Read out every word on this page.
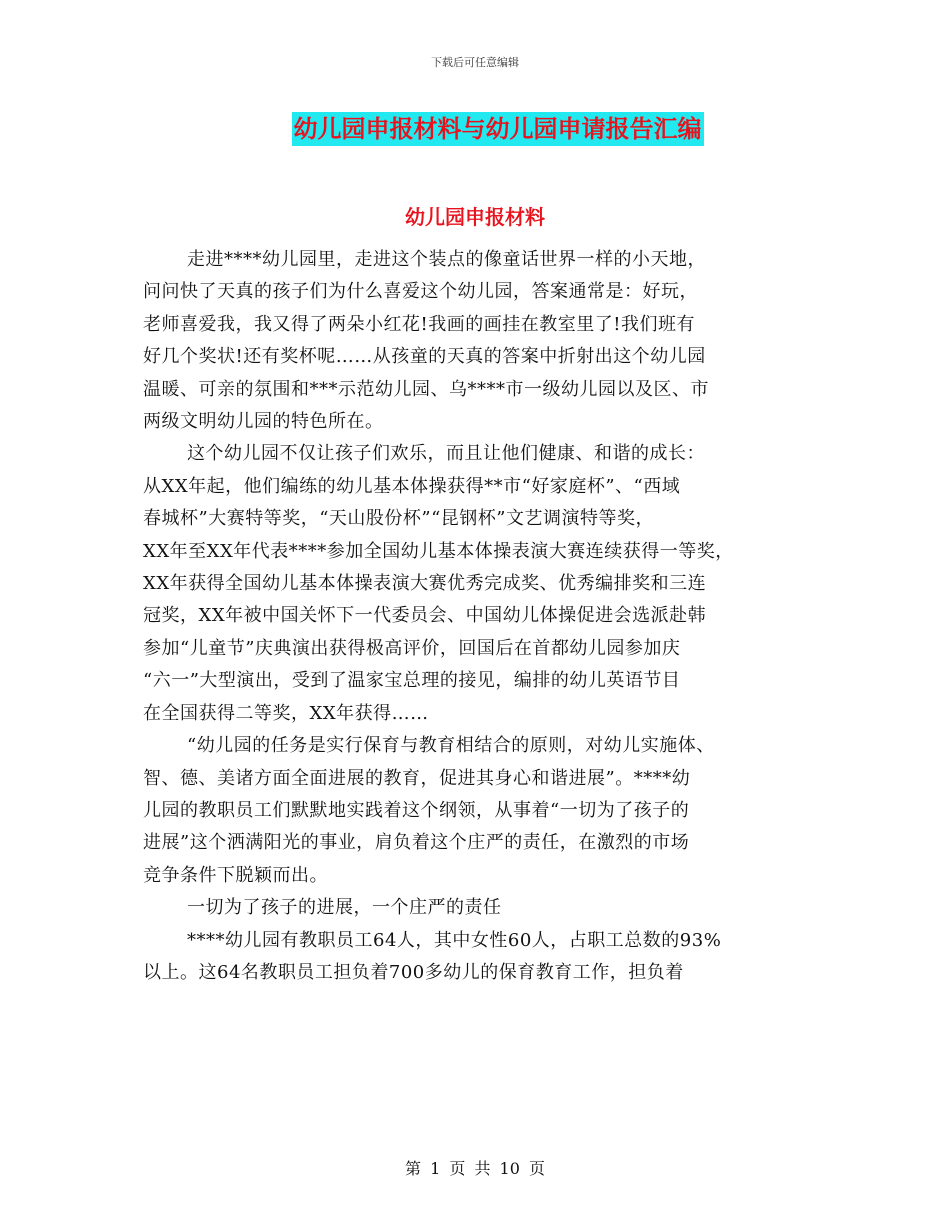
下载后可任意编辑
幼儿园申报材料与幼儿园申请报告汇编
幼儿园申报材料

走进****幼儿园里，走进这个装点的像童话世界一样的小天地，
问问快了天真的孩子们为什么喜爱这个幼儿园，答案通常是：好玩，
老师喜爱我，我又得了两朵小红花!我画的画挂在教室里了!我们班有
好几个奖状!还有奖杯呢……从孩童的天真的答案中折射出这个幼儿园
温暖、可亲的氛围和***示范幼儿园、乌****市一级幼儿园以及区、市
两级文明幼儿园的特色所在。

这个幼儿园不仅让孩子们欢乐，而且让他们健康、和谐的成长：
从XX年起，他们编练的幼儿基本体操获得**市“好家庭杯”、“西域
春城杯”大赛特等奖，“天山股份杯”“昆钢杯”文艺调演特等奖，
XX年至XX年代表****参加全国幼儿基本体操表演大赛连续获得一等奖，
XX年获得全国幼儿基本体操表演大赛优秀完成奖、优秀编排奖和三连
冠奖，XX年被中国关怀下一代委员会、中国幼儿体操促进会选派赴韩
参加“儿童节”庆典演出获得极高评价，回国后在首都幼儿园参加庆
“六一”大型演出，受到了温家宝总理的接见，编排的幼儿英语节目
在全国获得二等奖，XX年获得……

“幼儿园的任务是实行保育与教育相结合的原则，对幼儿实施体、
智、德、美诸方面全面进展的教育，促进其身心和谐进展”。****幼
儿园的教职员工们默默地实践着这个纲领，从事着“一切为了孩子的
进展”这个洒满阳光的事业，肩负着这个庄严的责任，在激烈的市场
竞争条件下脱颖而出。

一切为了孩子的进展，一个庄严的责任

****幼儿园有教职员工64人，其中女性60人，占职工总数的93%
以上。这64名教职员工担负着700多幼儿的保育教育工作，担负着

第 1 页 共 10 页
